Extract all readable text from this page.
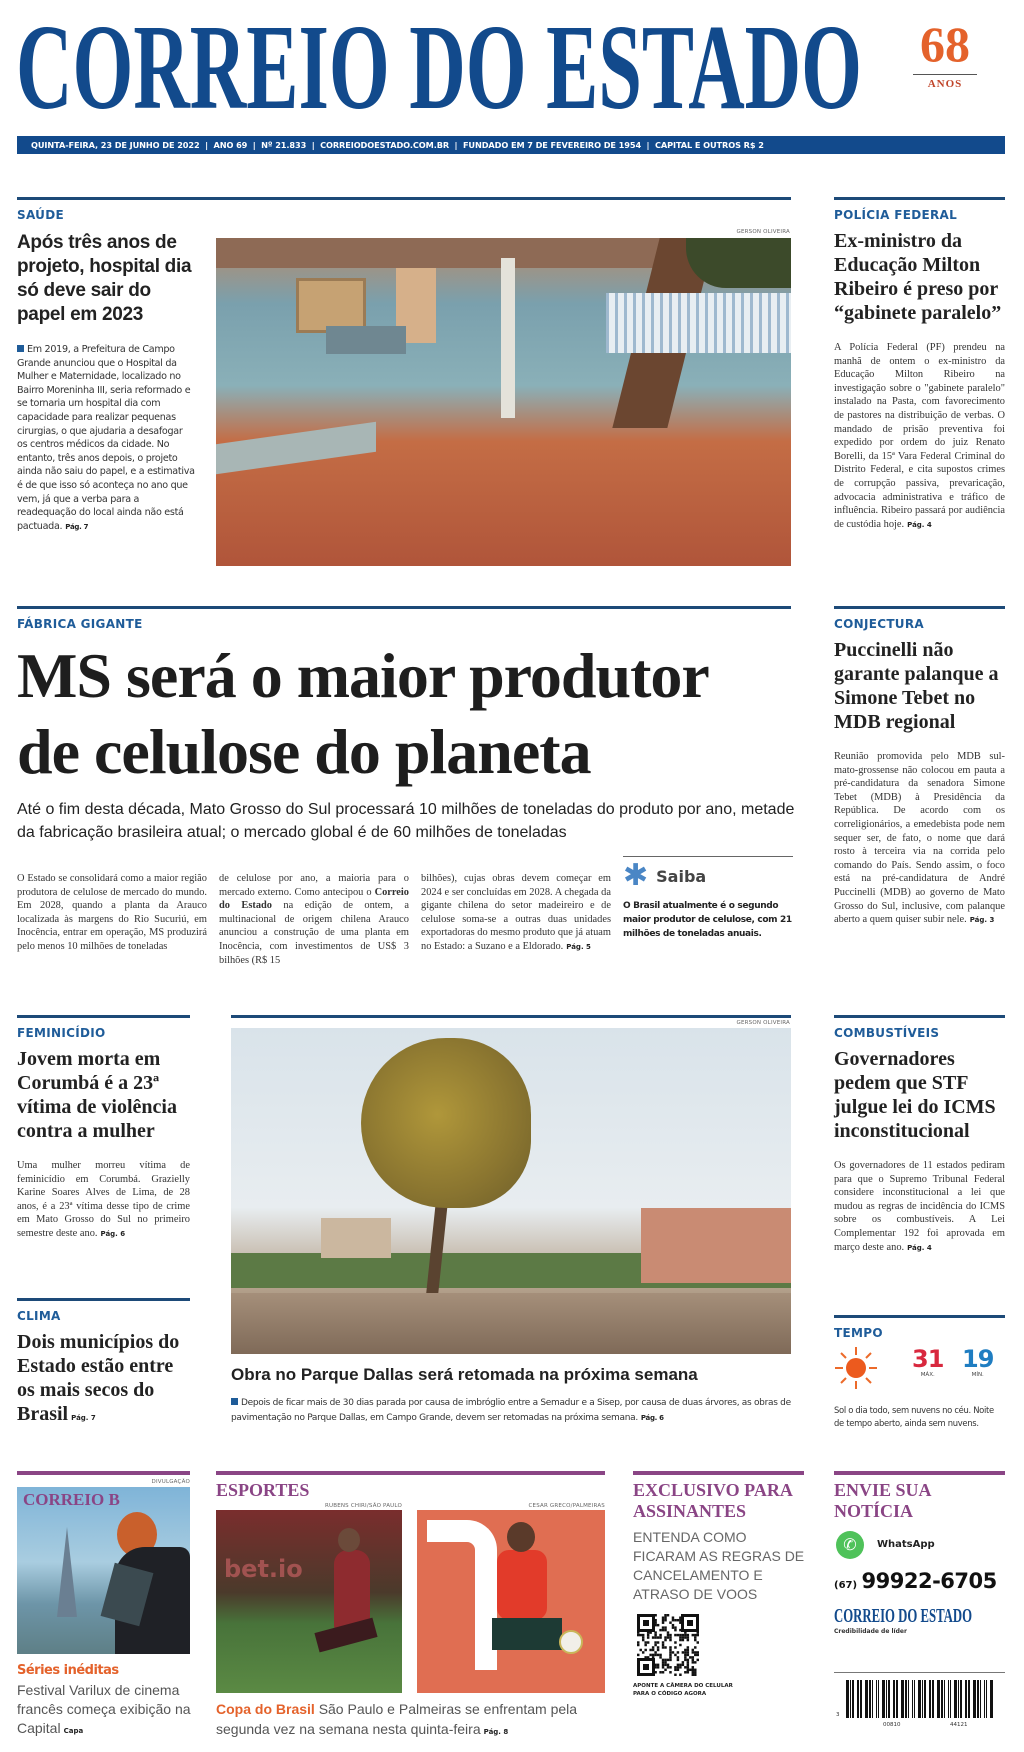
CORREIO DO ESTADO	68
ANOS
QUINTA-FEIRA, 23 DE JUNHO DE 2022  |  ANO 69  |  Nº 21.833  |  CORREIODOESTADO.COM.BR  |  FUNDADO EM 7 DE FEVEREIRO DE 1954  |  CAPITAL E OUTROS R$ 2
SAÚDE
Após três anos de projeto, hospital dia só deve sair do papel em 2023
Em 2019, a Prefeitura de Campo Grande anunciou que o Hospital da Mulher e Maternidade, localizado no Bairro Moreninha III, seria reformado e se tornaria um hospital dia com capacidade para realizar pequenas cirurgias, o que ajudaria a desafogar os centros médicos da cidade. No entanto, três anos depois, o projeto ainda não saiu do papel, e a estimativa é de que isso só aconteça no ano que vem, já que a verba para a readequação do local ainda não está pactuada. Pág. 7
GERSON OLIVEIRA
POLÍCIA FEDERAL
Ex-ministro da Educação Milton Ribeiro é preso por “gabinete paralelo”
A Polícia Federal (PF) prendeu na manhã de ontem o ex-ministro da Educação Milton Ribeiro na investigação sobre o "gabinete paralelo" instalado na Pasta, com favorecimento de pastores na distribuição de verbas. O mandado de prisão preventiva foi expedido por ordem do juiz Renato Borelli, da 15ª Vara Federal Criminal do Distrito Federal, e cita supostos crimes de corrupção passiva, prevaricação, advocacia administrativa e tráfico de influência. Ribeiro passará por audiência de custódia hoje. Pág. 4
FÁBRICA GIGANTE
MS será o maior produtor
de celulose do planeta
Até o fim desta década, Mato Grosso do Sul processará 10 milhões de toneladas do produto por ano, metade da fabricação brasileira atual; o mercado global é de 60 milhões de toneladas
O Estado se consolidará como a maior região produtora de celulose de mercado do mundo. Em 2028, quando a planta da Arauco localizada às margens do Rio Sucuriú, em Inocência, entrar em operação, MS produzirá pelo menos 10 milhões de toneladas
de celulose por ano, a maioria para o mercado externo. Como antecipou o Correio do Estado na edição de ontem, a multinacional de origem chilena Arauco anunciou a construção de uma planta em Inocência, com investimentos de US$ 3 bilhões (R$ 15
bilhões), cujas obras devem começar em 2024 e ser concluídas em 2028. A chegada da gigante chilena do setor madeireiro e de celulose soma-se a outras duas unidades exportadoras do mesmo produto que já atuam no Estado: a Suzano e a Eldorado. Pág. 5
✱ Saiba
O Brasil atualmente é o segundo maior produtor de celulose, com 21 milhões de toneladas anuais.
CONJECTURA
Puccinelli não garante palanque a Simone Tebet no MDB regional
Reunião promovida pelo MDB sul-mato-grossense não colocou em pauta a pré-candidatura da senadora Simone Tebet (MDB) à Presidência da República. De acordo com os correligionários, a emedebista pode nem sequer ser, de fato, o nome que dará rosto à terceira via na corrida pelo comando do País. Sendo assim, o foco está na pré-candidatura de André Puccinelli (MDB) ao governo de Mato Grosso do Sul, inclusive, com palanque aberto a quem quiser subir nele. Pág. 3
FEMINICÍDIO
Jovem morta em Corumbá é a 23ª vítima de violência contra a mulher
Uma mulher morreu vítima de feminicídio em Corumbá. Grazielly Karine Soares Alves de Lima, de 28 anos, é a 23ª vítima desse tipo de crime em Mato Grosso do Sul no primeiro semestre deste ano. Pág. 6
GERSON OLIVEIRA
Obra no Parque Dallas será retomada na próxima semana
Depois de ficar mais de 30 dias parada por causa de imbróglio entre a Semadur e a Sisep, por causa de duas árvores, as obras de pavimentação no Parque Dallas, em Campo Grande, devem ser retomadas na próxima semana. Pág. 6
CLIMA
Dois municípios do Estado estão entre os mais secos do Brasil Pág. 7
COMBUSTÍVEIS
Governadores pedem que STF julgue lei do ICMS inconstitucional
Os governadores de 11 estados pediram para que o Supremo Tribunal Federal considere inconstitucional a lei que mudou as regras de incidência do ICMS sobre os combustíveis. A Lei Complementar 192 foi aprovada em março deste ano. Pág. 4
TEMPO
31
MÁX.
19
MÍN.
Sol o dia todo, sem nuvens no céu. Noite de tempo aberto, ainda sem nuvens.
DIVULGAÇÃO
CORREIO B
Séries inéditas
Festival Varilux de cinema francês começa exibição na Capital Capa
ESPORTES
RUBENS CHIRI/SÃO PAULO	CESAR GRECO/PALMEIRAS
bet.io
Copa do Brasil São Paulo e Palmeiras se enfrentam pela segunda vez na semana nesta quinta-feira Pág. 8
EXCLUSIVO PARA ASSINANTES
ENTENDA COMO FICARAM AS REGRAS DE CANCELAMENTO E ATRASO DE VOOS
APONTE A CÂMERA DO CELULAR PARA O CÓDIGO AGORA
ENVIE SUA NOTÍCIA
✆	WhatsApp
(67) 99922-6705
CORREIO DO ESTADO
Credibilidade de líder
3
00810	44121
